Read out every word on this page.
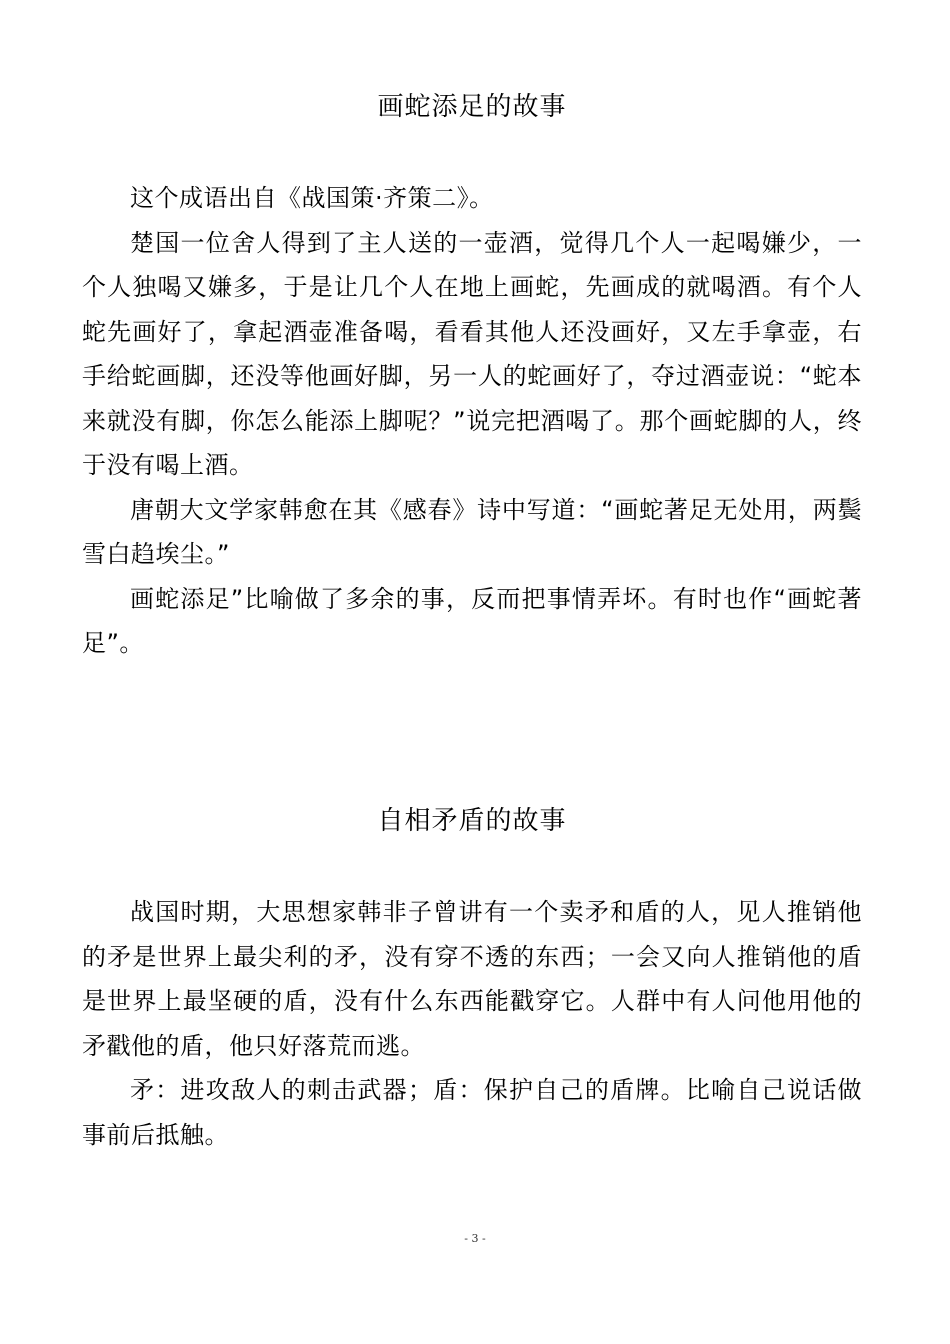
画蛇添足的故事

这个成语出自《战国策·齐策二》。

楚国一位舍人得到了主人送的一壶酒，觉得几个人一起喝嫌少，一个人独喝又嫌多，于是让几个人在地上画蛇，先画成的就喝酒。有个人蛇先画好了，拿起酒壶准备喝，看看其他人还没画好，又左手拿壶，右手给蛇画脚，还没等他画好脚，另一人的蛇画好了，夺过酒壶说：“蛇本来就没有脚，你怎么能添上脚呢？”说完把酒喝了。那个画蛇脚的人，终于没有喝上酒。

唐朝大文学家韩愈在其《感春》诗中写道：“画蛇著足无处用，两鬓雪白趋埃尘。”

画蛇添足”比喻做了多余的事，反而把事情弄坏。有时也作“画蛇著足”。

自相矛盾的故事

战国时期，大思想家韩非子曾讲有一个卖矛和盾的人，见人推销他的矛是世界上最尖利的矛，没有穿不透的东西；一会又向人推销他的盾是世界上最坚硬的盾，没有什么东西能戳穿它。人群中有人问他用他的矛戳他的盾，他只好落荒而逃。

矛：进攻敌人的刺击武器；盾：保护自己的盾牌。比喻自己说话做事前后抵触。

- 3 -
